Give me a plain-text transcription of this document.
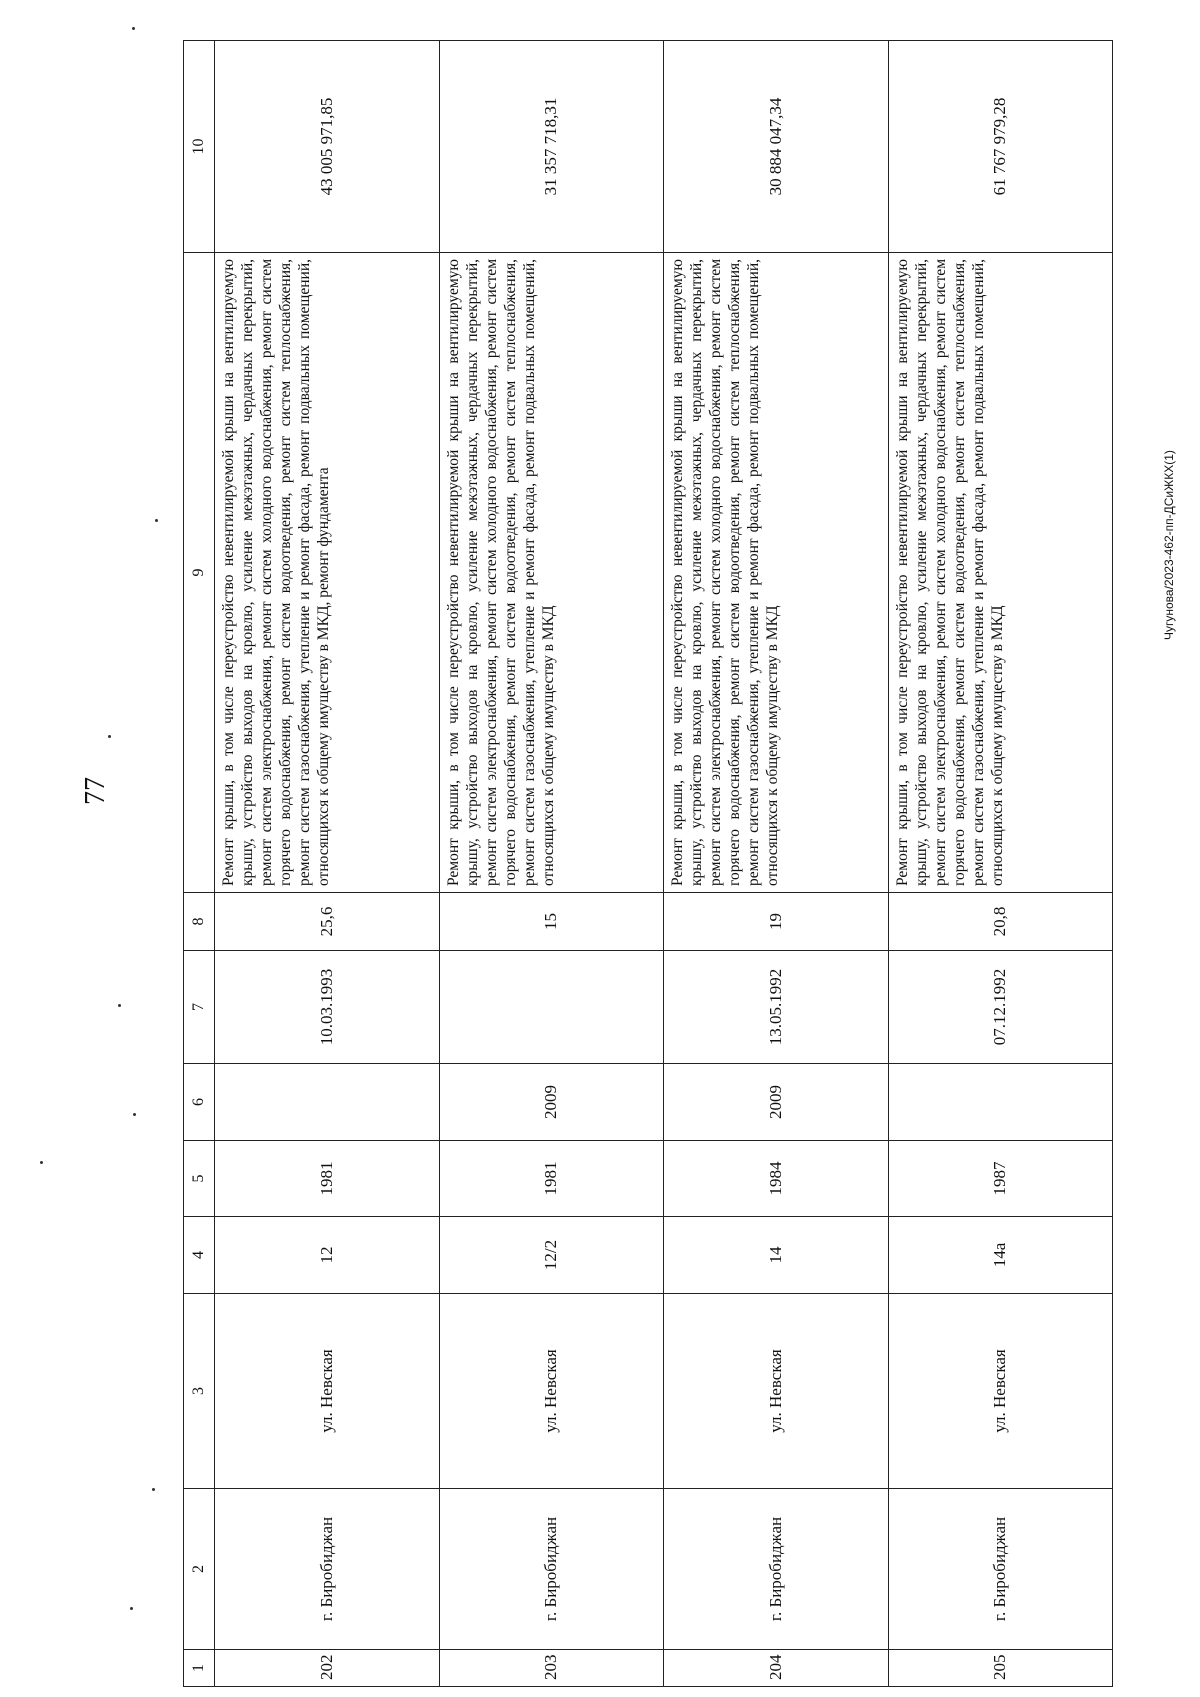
77
Чугунова/2023-462-пп-ДСиЖКХ(1)
1	2	3	4	5	6	7	8	9	10
202	г. Биробиджан	ул. Невская	12	1981		10.03.1993	25,6	Ремонт крыши, в том числе переустройство невентилируемой крыши на вентилируемую крышу, устройство выходов на кровлю, усиление межэтажных, чердачных перекрытий, ремонт систем электроснабжения, ремонт систем холодного водоснабжения, ремонт систем горячего водоснабжения, ремонт систем водоотведения, ремонт систем теплоснабжения, ремонт систем газоснабжения, утепление и ремонт фасада, ремонт подвальных помещений, относящихся к общему имуществу в МКД, ремонт фундамента	43 005 971,85
203	г. Биробиджан	ул. Невская	12/2	1981	2009		15	Ремонт крыши, в том числе переустройство невентилируемой крыши на вентилируемую крышу, устройство выходов на кровлю, усиление межэтажных, чердачных перекрытий, ремонт систем электроснабжения, ремонт систем холодного водоснабжения, ремонт систем горячего водоснабжения, ремонт систем водоотведения, ремонт систем теплоснабжения, ремонт систем газоснабжения, утепление и ремонт фасада, ремонт подвальных помещений, относящихся к общему имуществу в МКД	31 357 718,31
204	г. Биробиджан	ул. Невская	14	1984	2009	13.05.1992	19	Ремонт крыши, в том числе переустройство невентилируемой крыши на вентилируемую крышу, устройство выходов на кровлю, усиление межэтажных, чердачных перекрытий, ремонт систем электроснабжения, ремонт систем холодного водоснабжения, ремонт систем горячего водоснабжения, ремонт систем водоотведения, ремонт систем теплоснабжения, ремонт систем газоснабжения, утепление и ремонт фасада, ремонт подвальных помещений, относящихся к общему имуществу в МКД	30 884 047,34
205	г. Биробиджан	ул. Невская	14а	1987		07.12.1992	20,8	Ремонт крыши, в том числе переустройство невентилируемой крыши на вентилируемую крышу, устройство выходов на кровлю, усиление межэтажных, чердачных перекрытий, ремонт систем электроснабжения, ремонт систем холодного водоснабжения, ремонт систем горячего водоснабжения, ремонт систем водоотведения, ремонт систем теплоснабжения, ремонт систем газоснабжения, утепление и ремонт фасада, ремонт подвальных помещений, относящихся к общему имуществу в МКД	61 767 979,28
